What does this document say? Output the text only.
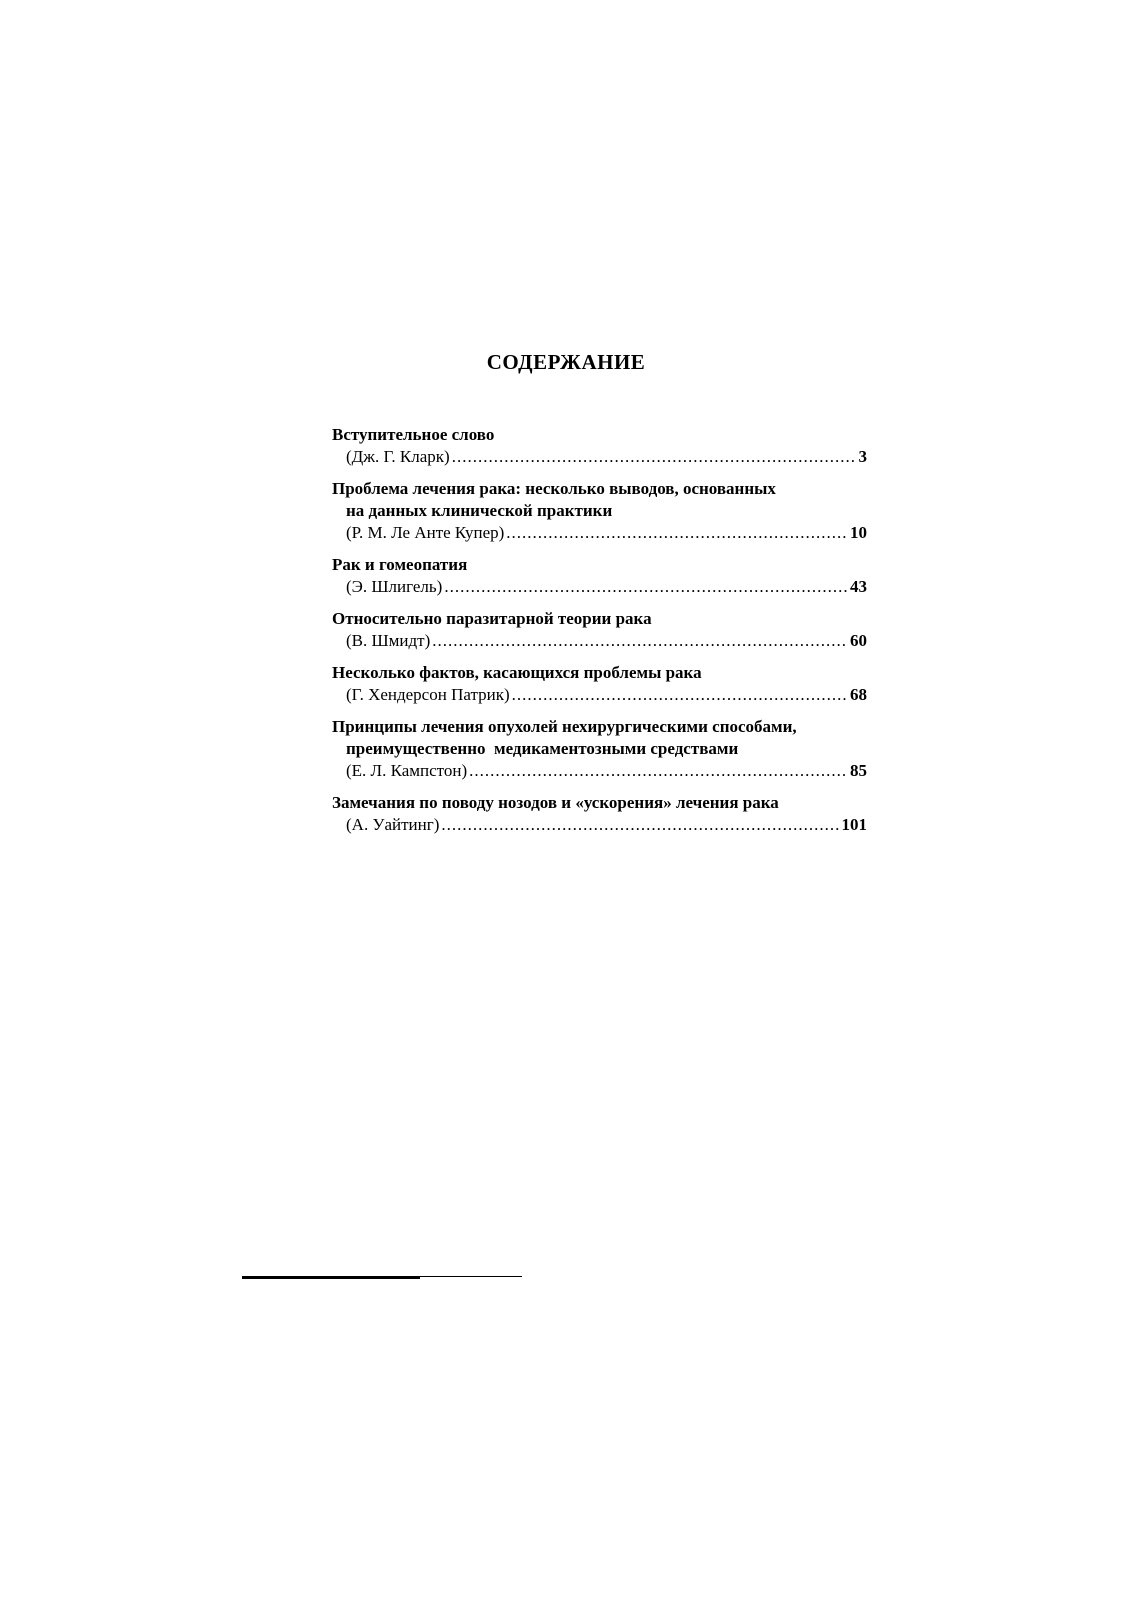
СОДЕРЖАНИЕ
Вступительное слово
(Дж. Г. Кларк) .....	3
Проблема лечения рака: несколько выводов, основанных
на данных клинической практики
(Р. М. Ле Анте Купер) .....	10
Рак и гомеопатия
(Э. Шлигель) .....	43
Относительно паразитарной теории рака
(В. Шмидт) .....	60
Несколько фактов, касающихся проблемы рака
(Г. Хендерсон Патрик) .....	68
Принципы лечения опухолей нехирургическими способами,
преимущественно  медикаментозными средствами
(Е. Л. Кампстон) .....	85
Замечания по поводу нозодов и «ускорения» лечения рака
(А. Уайтинг) .....	101
